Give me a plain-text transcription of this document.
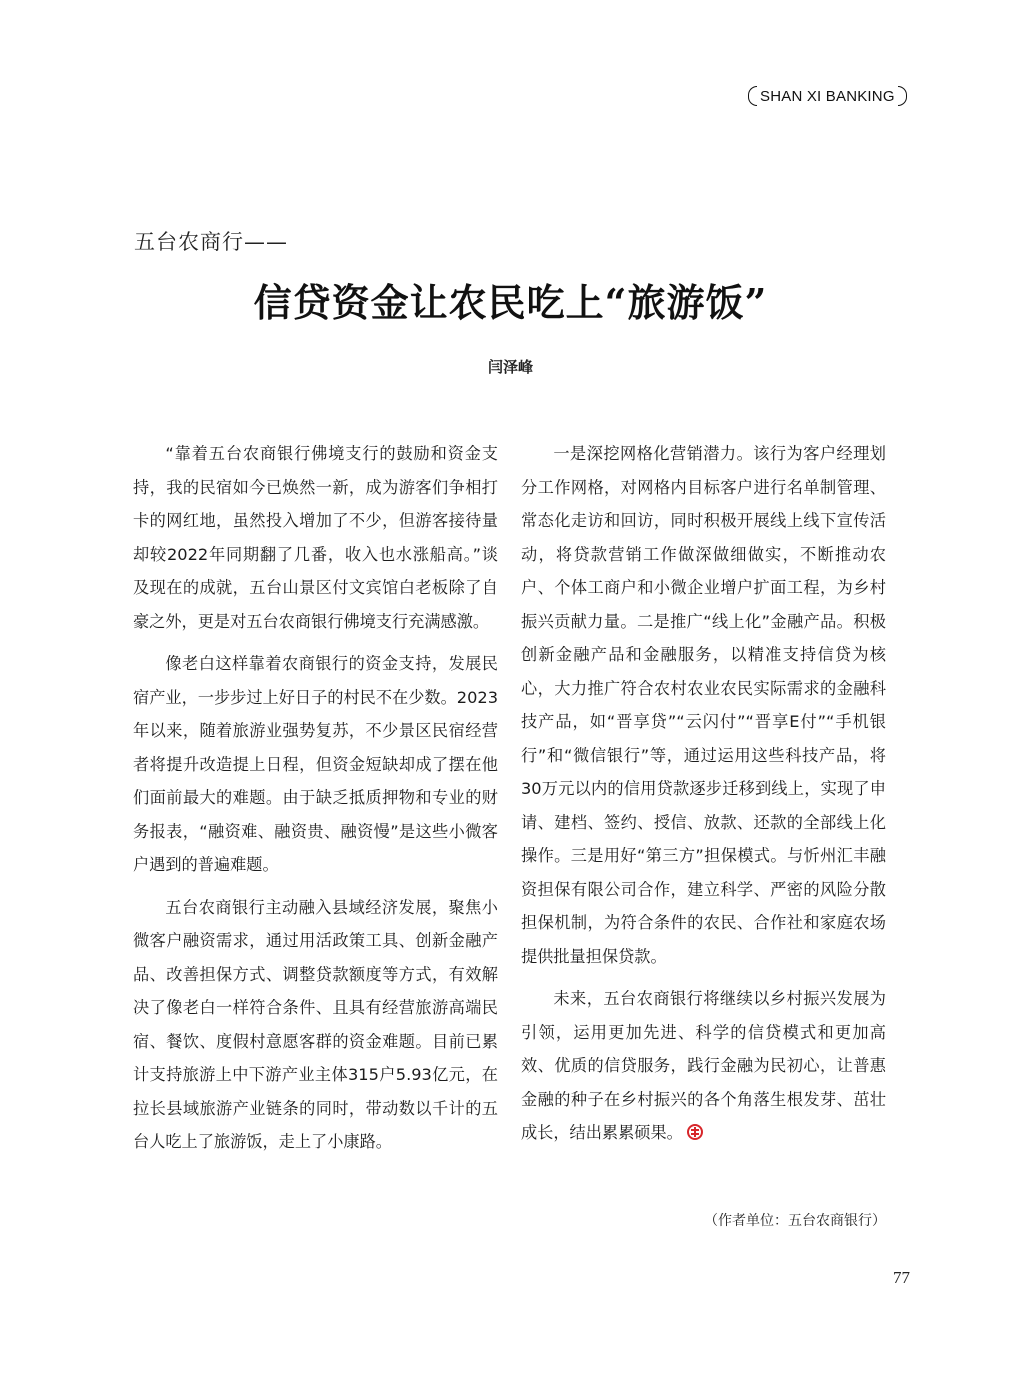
SHAN XI BANKING
五台农商行——
信贷资金让农民吃上“旅游饭”
闫泽峰

“靠着五台农商银行佛境支行的鼓励和资金支持，我的民宿如今已焕然一新，成为游客们争相打卡的网红地，虽然投入增加了不少，但游客接待量却较2022年同期翻了几番，收入也水涨船高。”谈及现在的成就，五台山景区付文宾馆白老板除了自豪之外，更是对五台农商银行佛境支行充满感激。

像老白这样靠着农商银行的资金支持，发展民宿产业，一步步过上好日子的村民不在少数。2023年以来，随着旅游业强势复苏，不少景区民宿经营者将提升改造提上日程，但资金短缺却成了摆在他们面前最大的难题。由于缺乏抵质押物和专业的财务报表，“融资难、融资贵、融资慢”是这些小微客户遇到的普遍难题。

五台农商银行主动融入县域经济发展，聚焦小微客户融资需求，通过用活政策工具、创新金融产品、改善担保方式、调整贷款额度等方式，有效解决了像老白一样符合条件、且具有经营旅游高端民宿、餐饮、度假村意愿客群的资金难题。目前已累计支持旅游上中下游产业主体315户5.93亿元，在拉长县域旅游产业链条的同时，带动数以千计的五台人吃上了旅游饭，走上了小康路。

一是深挖网格化营销潜力。该行为客户经理划分工作网格，对网格内目标客户进行名单制管理、常态化走访和回访，同时积极开展线上线下宣传活动，将贷款营销工作做深做细做实，不断推动农户、个体工商户和小微企业增户扩面工程，为乡村振兴贡献力量。二是推广“线上化”金融产品。积极创新金融产品和金融服务，以精准支持信贷为核心，大力推广符合农村农业农民实际需求的金融科技产品，如“晋享贷”“云闪付”“晋享E付”“手机银行”和“微信银行”等，通过运用这些科技产品，将30万元以内的信用贷款逐步迁移到线上，实现了申请、建档、签约、授信、放款、还款的全部线上化操作。三是用好“第三方”担保模式。与忻州汇丰融资担保有限公司合作，建立科学、严密的风险分散担保机制，为符合条件的农民、合作社和家庭农场提供批量担保贷款。

未来，五台农商银行将继续以乡村振兴发展为引领，运用更加先进、科学的信贷模式和更加高效、优质的信贷服务，践行金融为民初心，让普惠金融的种子在乡村振兴的各个角落生根发芽、茁壮成长，结出累累硕果。

（作者单位：五台农商银行）
77
